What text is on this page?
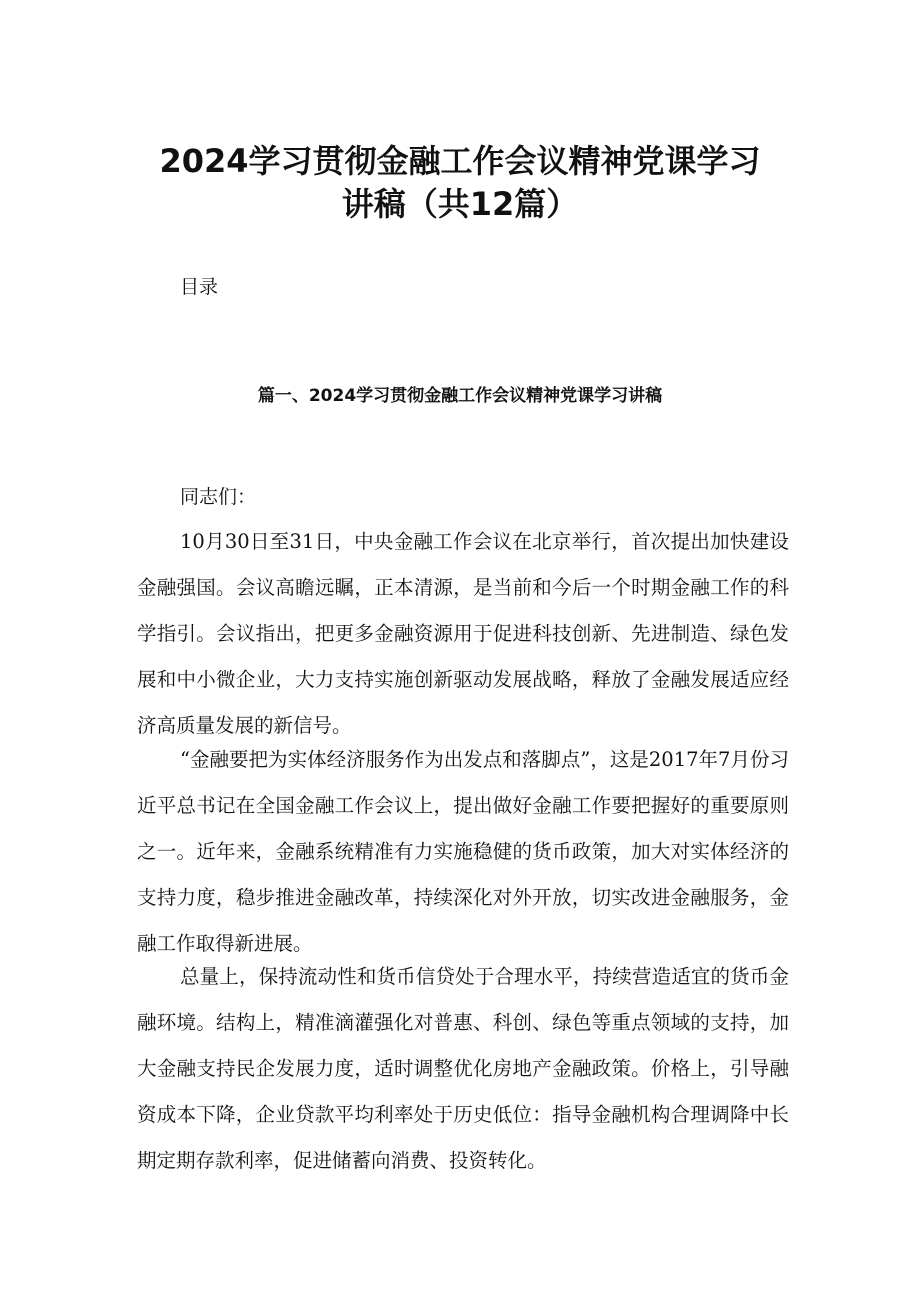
2024学习贯彻金融工作会议精神党课学习
讲稿（共12篇）

目录

篇一、2024学习贯彻金融工作会议精神党课学习讲稿

同志们：

10月30日至31日，中央金融工作会议在北京举行，首次提出加快建设金融强国。会议高瞻远瞩，正本清源，是当前和今后一个时期金融工作的科学指引。会议指出，把更多金融资源用于促进科技创新、先进制造、绿色发展和中小微企业，大力支持实施创新驱动发展战略，释放了金融发展适应经济高质量发展的新信号。

“金融要把为实体经济服务作为出发点和落脚点”，这是2017年7月份习近平总书记在全国金融工作会议上，提出做好金融工作要把握好的重要原则之一。近年来，金融系统精准有力实施稳健的货币政策，加大对实体经济的支持力度，稳步推进金融改革，持续深化对外开放，切实改进金融服务，金融工作取得新进展。

总量上，保持流动性和货币信贷处于合理水平，持续营造适宜的货币金融环境。结构上，精准滴灌强化对普惠、科创、绿色等重点领域的支持，加大金融支持民企发展力度，适时调整优化房地产金融政策。价格上，引导融资成本下降，企业贷款平均利率处于历史低位：指导金融机构合理调降中长期定期存款利率，促进储蓄向消费、投资转化。
